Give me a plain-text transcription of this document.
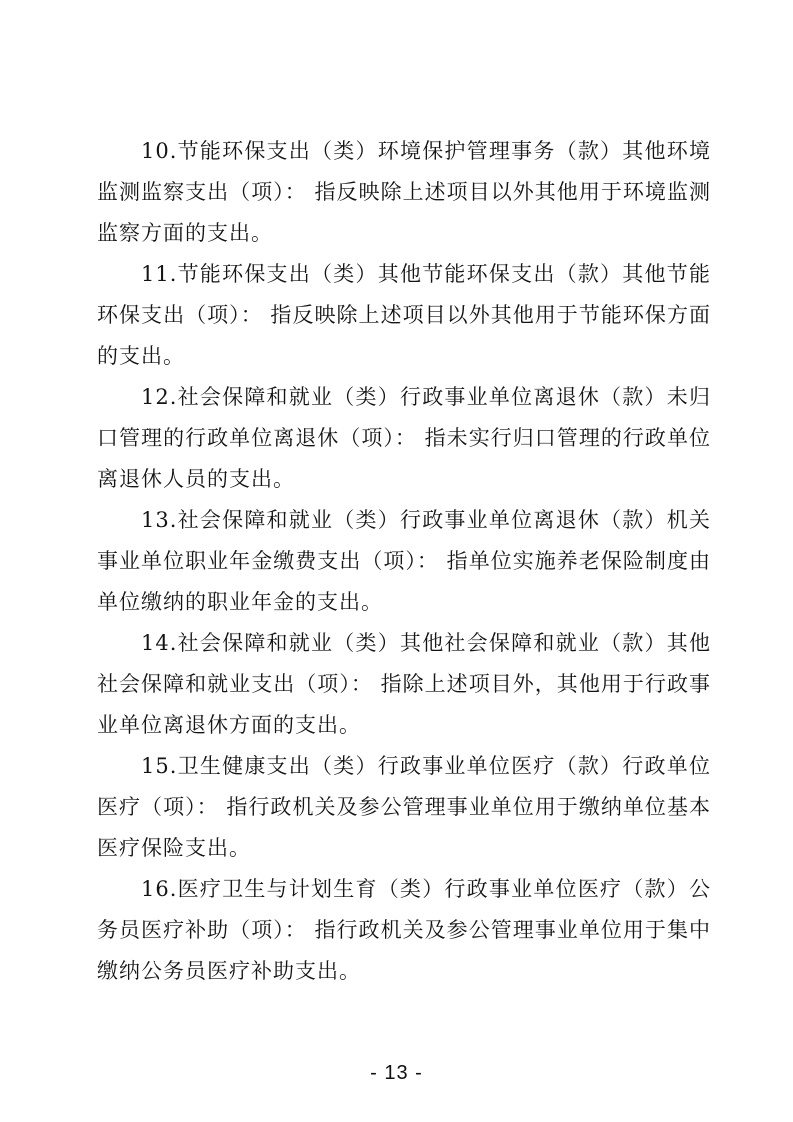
10.节能环保支出（类）环境保护管理事务（款）其他环境监测监察支出（项）： 指反映除上述项目以外其他用于环境监测监察方面的支出。

11.节能环保支出（类）其他节能环保支出（款）其他节能环保支出（项）： 指反映除上述项目以外其他用于节能环保方面的支出。

12.社会保障和就业（类）行政事业单位离退休（款）未归口管理的行政单位离退休（项）： 指未实行归口管理的行政单位离退休人员的支出。

13.社会保障和就业（类）行政事业单位离退休（款）机关事业单位职业年金缴费支出（项）： 指单位实施养老保险制度由单位缴纳的职业年金的支出。

14.社会保障和就业（类）其他社会保障和就业（款）其他社会保障和就业支出（项）： 指除上述项目外，其他用于行政事业单位离退休方面的支出。

15.卫生健康支出（类）行政事业单位医疗（款）行政单位医疗（项）： 指行政机关及参公管理事业单位用于缴纳单位基本医疗保险支出。

16.医疗卫生与计划生育（类）行政事业单位医疗（款）公务员医疗补助（项）： 指行政机关及参公管理事业单位用于集中缴纳公务员医疗补助支出。

- 13 -
